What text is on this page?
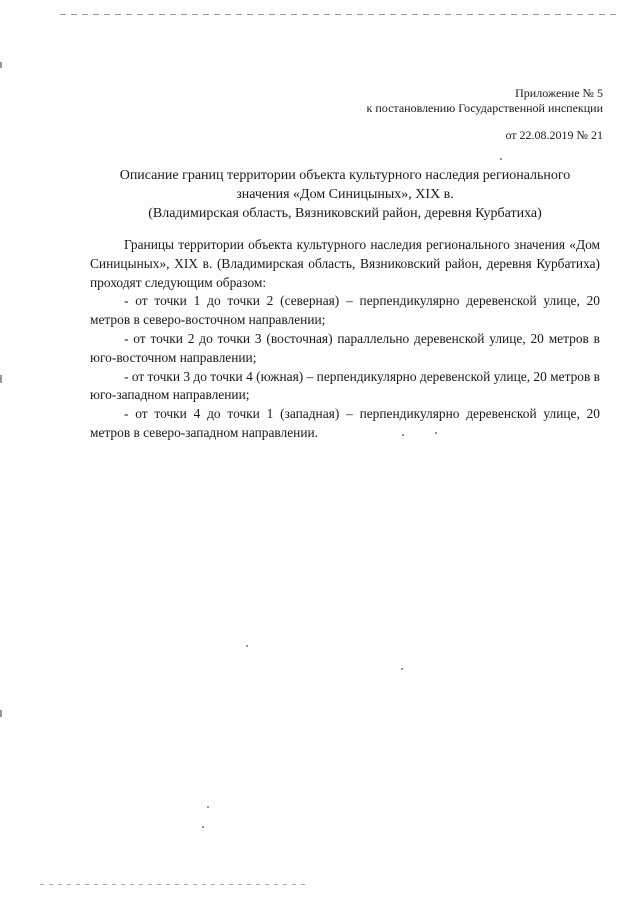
Приложение № 5
к постановлению Государственной инспекции
от 22.08.2019 № 21
Описание границ территории объекта культурного наследия регионального
значения «Дом Синицыных», XIX в.
(Владимирская область, Вязниковский район, деревня Курбатиха)

Границы территории объекта культурного наследия регионального значения «Дом Синицыных», XIX в. (Владимирская область, Вязниковский район, деревня Курбатиха) проходят следующим образом:

- от точки 1 до точки 2 (северная) – перпендикулярно деревенской улице, 20 метров в северо-восточном направлении;

- от точки 2 до точки 3 (восточная) параллельно деревенской улице, 20 метров в юго-восточном направлении;

- от точки 3 до точки 4 (южная) – перпендикулярно деревенской улице, 20 метров в юго-западном направлении;

- от точки 4 до точки 1 (западная) – перпендикулярно деревенской улице, 20 метров в северо-западном направлении.
